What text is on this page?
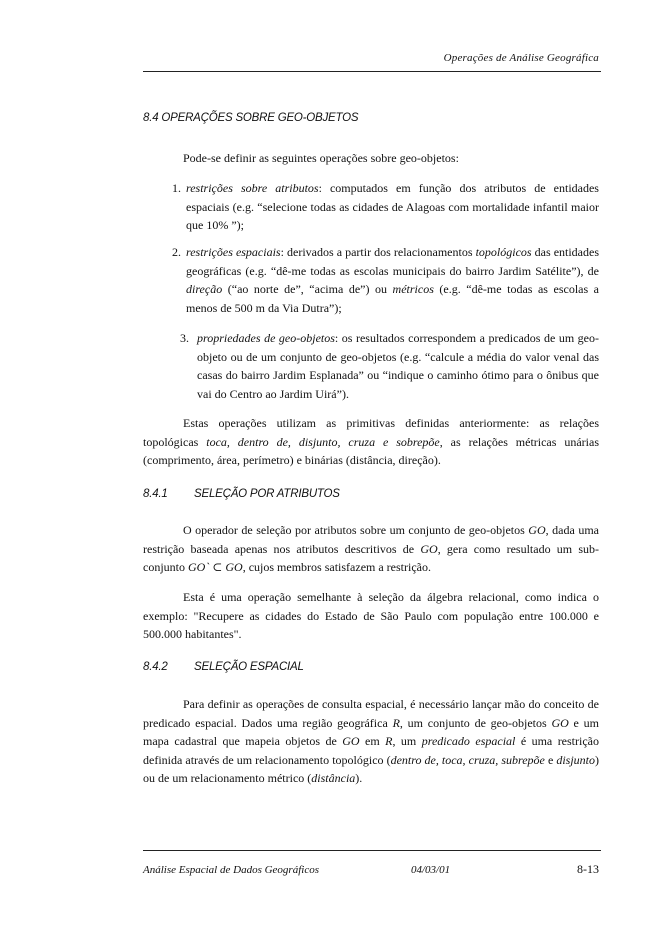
Operações de Análise Geográfica
8.4 OPERAÇÕES SOBRE GEO-OBJETOS

Pode-se definir as seguintes operações sobre geo-objetos:

1. restrições sobre atributos: computados em função dos atributos de entidades espaciais (e.g. “selecione todas as cidades de Alagoas com mortalidade infantil maior que 10% ”);
2. restrições espaciais: derivados a partir dos relacionamentos topológicos das entidades geográficas (e.g. “dê-me todas as escolas municipais do bairro Jardim Satélite”), de direção (“ao norte de”, “acima de”) ou métricos (e.g. “dê-me todas as escolas a menos de 500 m da Via Dutra”);
3. propriedades de geo-objetos: os resultados correspondem a predicados de um geo-objeto ou de um conjunto de geo-objetos (e.g. “calcule a média do valor venal das casas do bairro Jardim Esplanada” ou “indique o caminho ótimo para o ônibus que vai do Centro ao Jardim Uirá”).

Estas operações utilizam as primitivas definidas anteriormente: as relações topológicas toca, dentro de, disjunto, cruza e sobrepõe, as relações métricas unárias (comprimento, área, perímetro) e binárias (distância, direção).

8.4.1 SELEÇÃO POR ATRIBUTOS

O operador de seleção por atributos sobre um conjunto de geo-objetos GO, dada uma restrição baseada apenas nos atributos descritivos de GO, gera como resultado um sub-conjunto GO` ⊂ GO, cujos membros satisfazem a restrição.

Esta é uma operação semelhante à seleção da álgebra relacional, como indica o exemplo: "Recupere as cidades do Estado de São Paulo com população entre 100.000 e 500.000 habitantes".

8.4.2 SELEÇÃO ESPACIAL

Para definir as operações de consulta espacial, é necessário lançar mão do conceito de predicado espacial. Dados uma região geográfica R, um conjunto de geo-objetos GO e um mapa cadastral que mapeia objetos de GO em R, um predicado espacial é uma restrição definida através de um relacionamento topológico (dentro de, toca, cruza, subrepõe e disjunto) ou de um relacionamento métrico (distância).

Análise Espacial de Dados Geográficos	04/03/01	8-13
